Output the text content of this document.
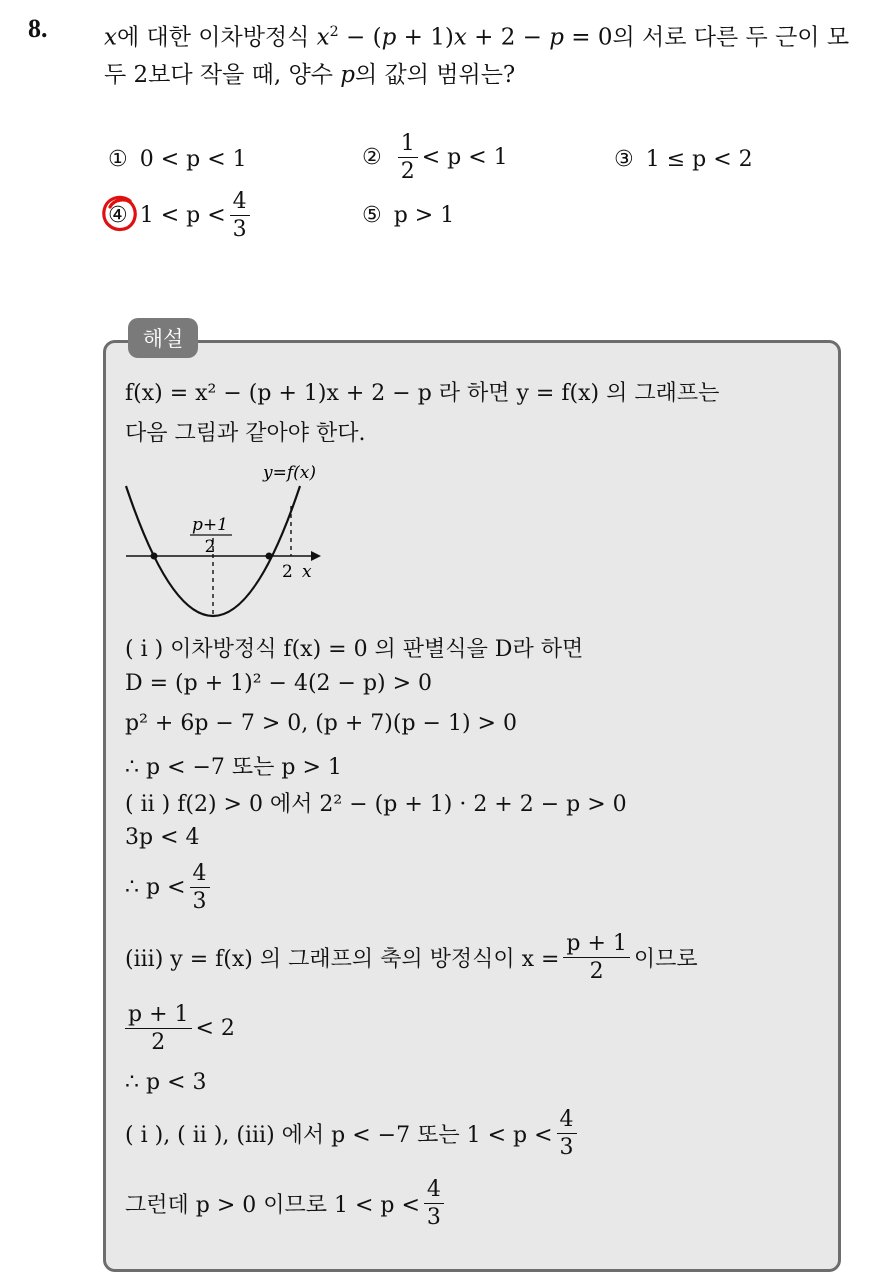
8. x에 대한 이차방정식 $x^2 - (p + 1)x + 2 - p = 0$의 서로 다른 두 근이 모두 2보다 작을 때, 양수 p의 값의 범위는?
① 0 < p < 1	② $\frac{1}{2} < p < 1$	③ 1 ≤ p < 2
④ $1 < p < \frac{4}{3}$	⑤ p > 1
해설
f(x) = x² − (p + 1)x + 2 − p 라 하면 y = f(x) 의 그래프는
다음 그림과 같아야 한다.
y=f(x)
p+1
2
2 x
( i ) 이차방정식 f(x) = 0 의 판별식을 D라 하면
D = (p + 1)² − 4(2 − p) > 0
p² + 6p − 7 > 0, (p + 7)(p − 1) > 0
∴ p < −7 또는 p > 1
( ii ) f(2) > 0 에서 2² − (p + 1) · 2 + 2 − p > 0
3p < 4
∴ $p < \frac{4}{3}$
(iii) y = f(x) 의 그래프의 축의 방정식이 $x = \frac{p + 1}{2}$ 이므로
$\frac{p + 1}{2} < 2$
∴ p < 3
( i ), ( ii ), (iii) 에서 p < −7 또는 $1 < p < \frac{4}{3}$
그런데 p > 0 이므로 $1 < p < \frac{4}{3}$
